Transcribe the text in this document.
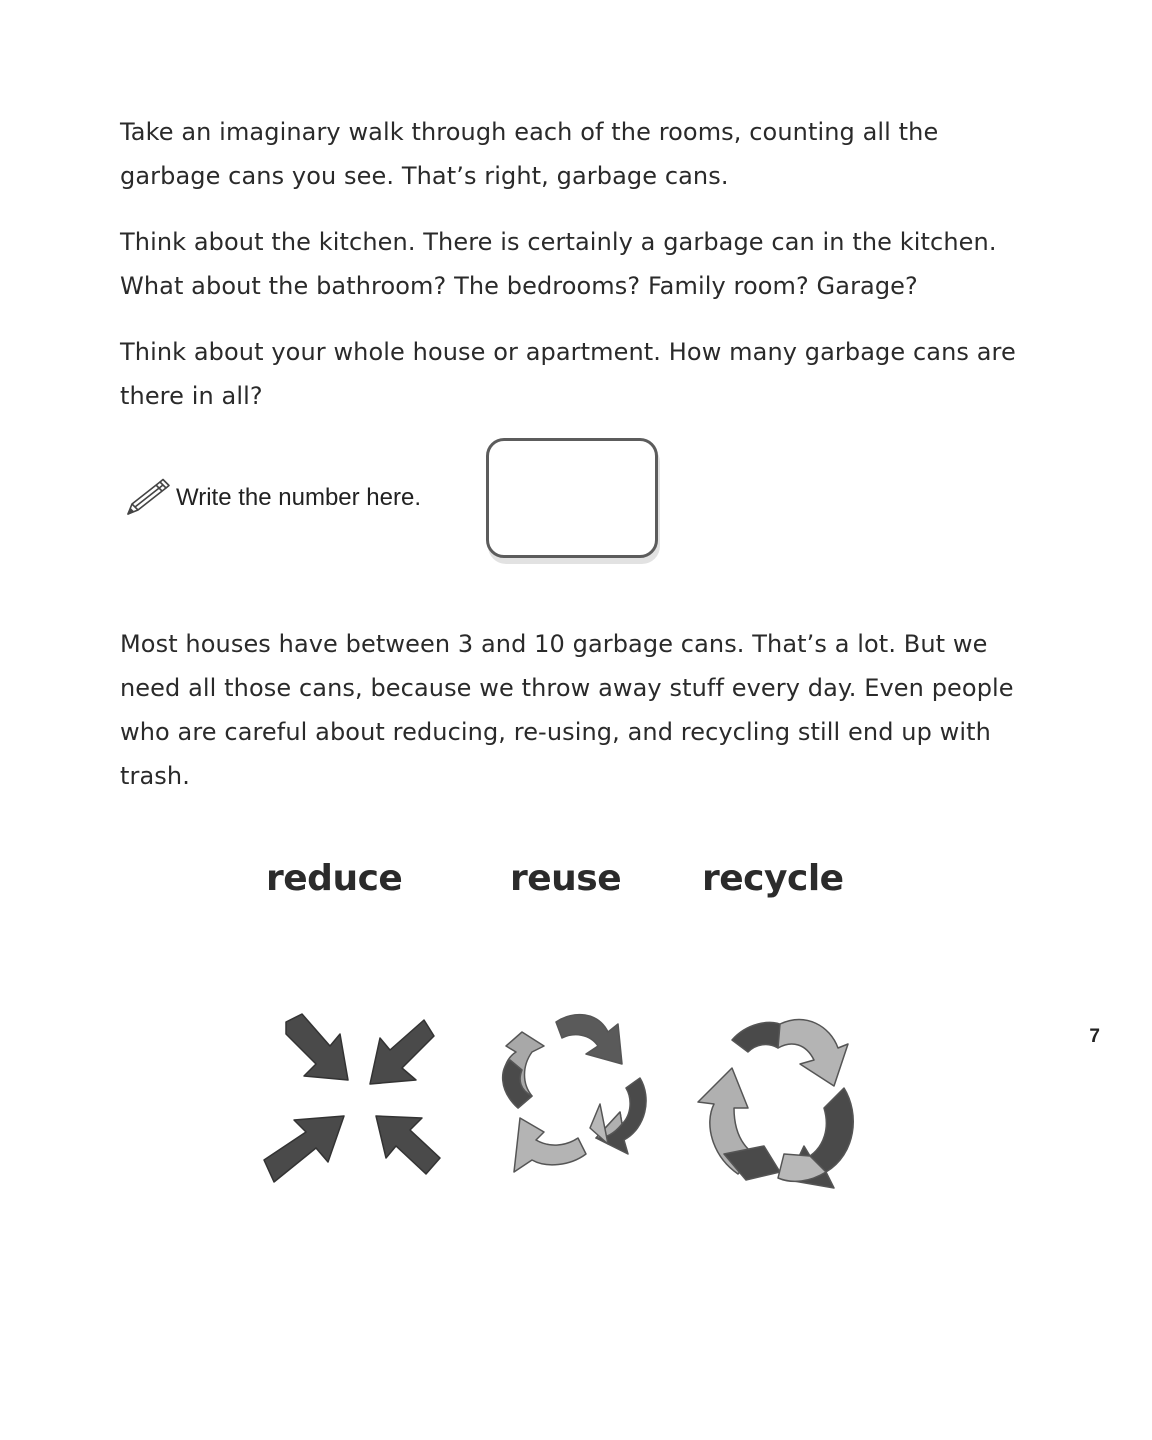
Take an imaginary walk through each of the rooms, counting all the garbage cans you see. That’s right, garbage cans.

Think about the kitchen. There is certainly a garbage can in the kitchen. What about the bathroom? The bedrooms? Family room? Garage?

Think about your whole house or apartment. How many garbage cans are there in all?

Write the number here.

Most houses have between 3 and 10 garbage cans. That’s a lot. But we need all those cans, because we throw away stuff every day. Even people who are careful about reducing, re-using, and recycling still end up with trash.

reduce	reuse recycle
7
